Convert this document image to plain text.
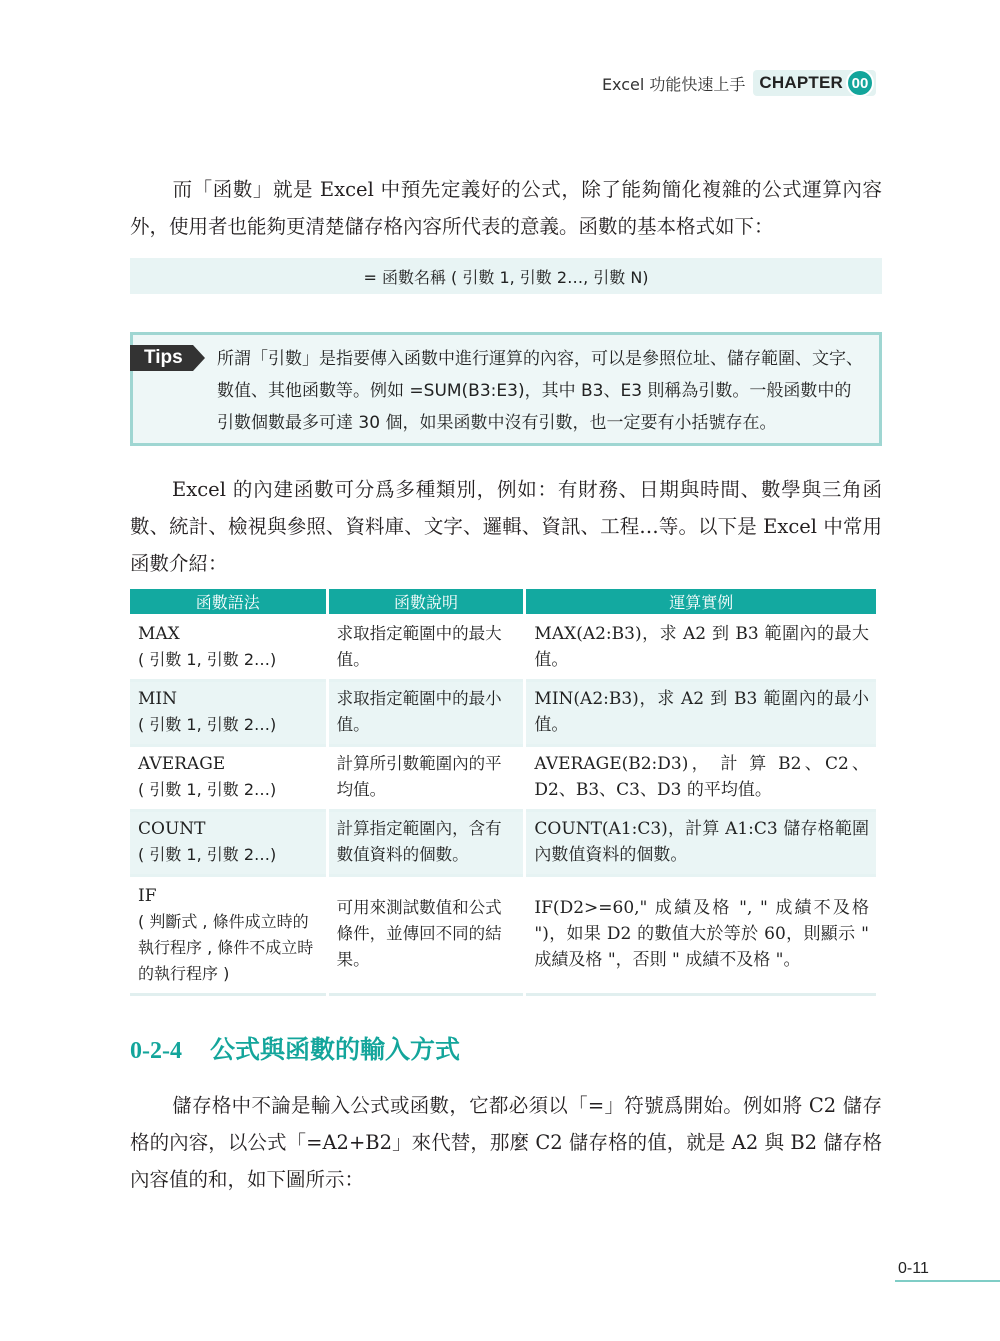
Excel 功能快速上手 CHAPTER 00

而「函數」就是 Excel 中預先定義好的公式，除了能夠簡化複雜的公式運算內容外，使用者也能夠更清楚儲存格內容所代表的意義。函數的基本格式如下：

= 函數名稱 ( 引數 1, 引數 2…, 引數 N)
Tips	所謂「引數」是指要傳入函數中進行運算的內容，可以是參照位址、儲存範圍、文字、數值、其他函數等。例如 =SUM(B3:E3)，其中 B3、E3 則稱為引數。一般函數中的引數個數最多可達 30 個，如果函數中沒有引數，也一定要有小括號存在。

Excel 的內建函數可分爲多種類別，例如：有財務、日期與時間、數學與三角函數、統計、檢視與參照、資料庫、文字、邏輯、資訊、工程…等。以下是 Excel 中常用函數介紹：

函數語法	函數說明	運算實例

MAX
( 引數 1, 引數 2…)	求取指定範圍中的最大值。	MAX(A2:B3)，求 A2 到 B3 範圍內的最大值。

MIN
( 引數 1, 引數 2…)	求取指定範圍中的最小值。	MIN(A2:B3)，求 A2 到 B3 範圍內的最小值。

AVERAGE
( 引數 1, 引數 2…)	計算所引數範圍內的平均值。	AVERAGE(B2:D3)， 計 算 B2、C2、D2、B3、C3、D3 的平均值。

COUNT
( 引數 1, 引數 2…)	計算指定範圍內，含有數值資料的個數。	COUNT(A1:C3)，計算 A1:C3 儲存格範圍內數值資料的個數。

IF
( 判斷式 , 條件成立時的執行程序 , 條件不成立時的執行程序 )	可用來測試數值和公式條件，並傳回不同的結果。	IF(D2>=60," 成績及格 ", " 成績不及格 ")，如果 D2 的數值大於等於 60，則顯示 " 成績及格 "，否則 " 成績不及格 "。
0-2-4 公式與函數的輸入方式

儲存格中不論是輸入公式或函數，它都必須以「=」符號爲開始。例如將 C2 儲存格的內容，以公式「=A2+B2」來代替，那麼 C2 儲存格的值，就是 A2 與 B2 儲存格內容值的和，如下圖所示：

0-11
